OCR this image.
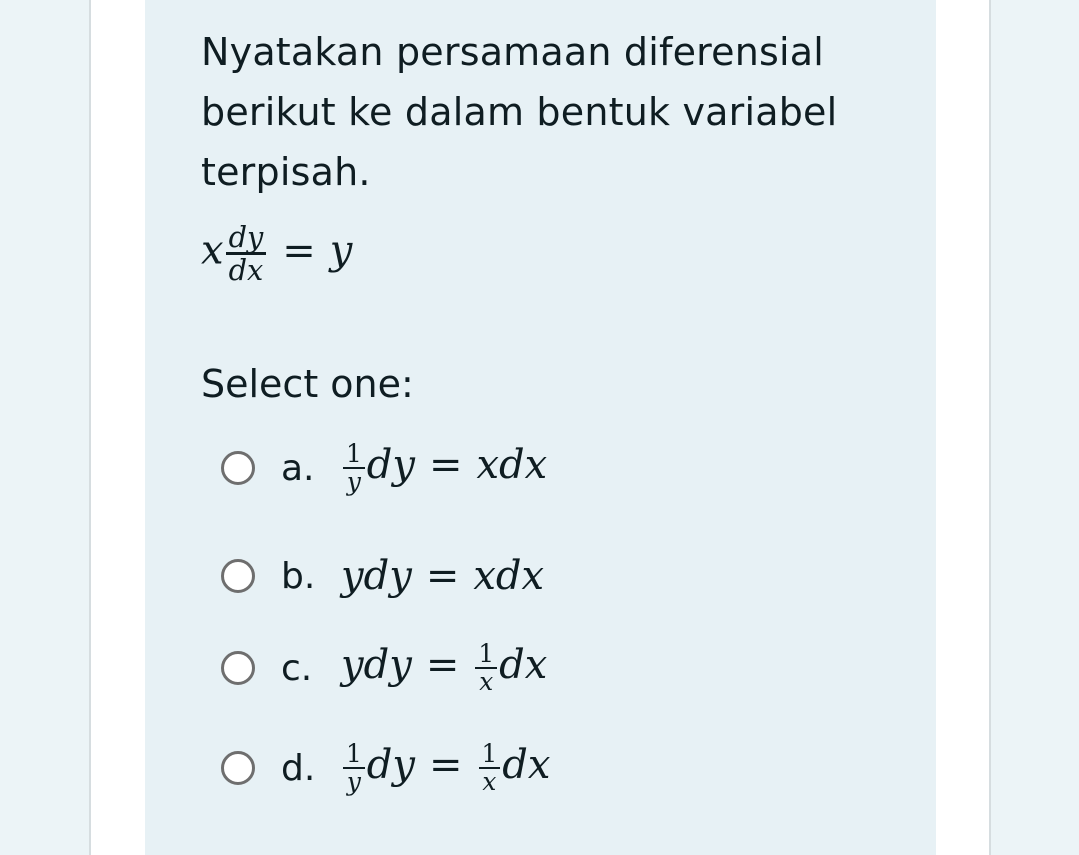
Nyatakan persamaan diferensial
berikut ke dalam bentuk variabel
terpisah.
x $\frac{dy}{dx} = y$
Select one:
a.	$\frac{1}{y}$ dy = xdx
b. ydy = xdx
c. ydy = $\frac{1}{x}$ dx
d.	$\frac{1}{y}$ dy = $\frac{1}{x}$ dx
